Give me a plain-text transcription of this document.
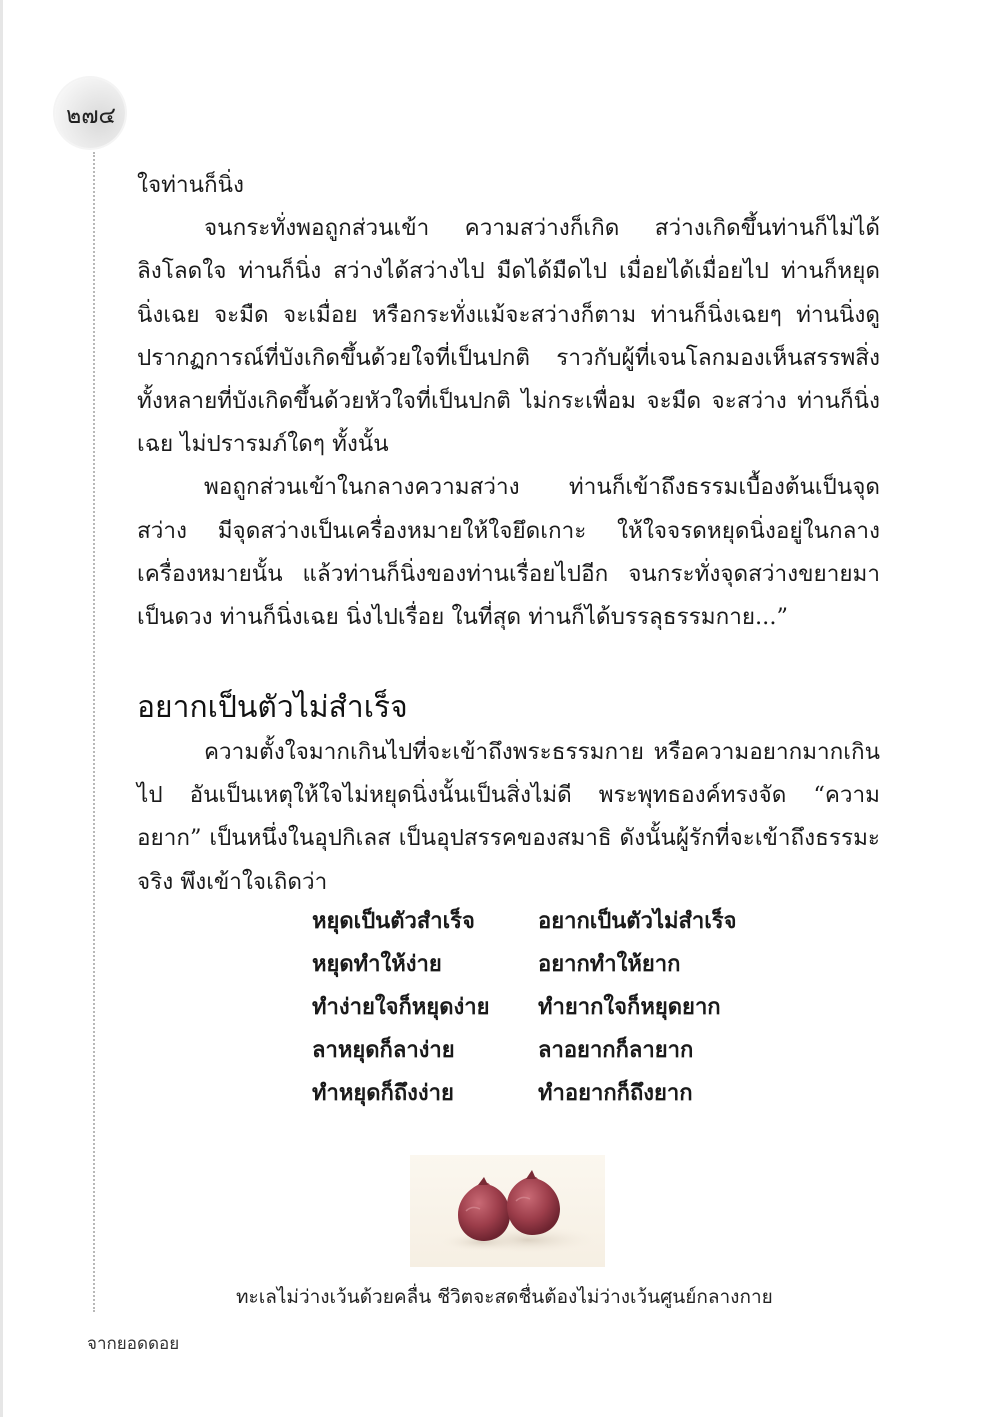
๒๗๔

ใจท่านก็นิ่ง

จนกระทั่งพอถูกส่วนเข้า ความสว่างก็เกิด สว่างเกิดขึ้นท่านก็ไม่ได้ลิงโลดใจ ท่านก็นิ่ง สว่างได้สว่างไป มืดได้มืดไป เมื่อยได้เมื่อยไป ท่านก็หยุดนิ่งเฉย จะมืด จะเมื่อย หรือกระทั่งแม้จะสว่างก็ตาม ท่านก็นิ่งเฉยๆ ท่านนิ่งดูปรากฏการณ์ที่บังเกิดขึ้นด้วยใจที่เป็นปกติ ราวกับผู้ที่เจนโลกมองเห็นสรรพสิ่งทั้งหลายที่บังเกิดขึ้นด้วยหัวใจที่เป็นปกติ ไม่กระเพื่อม จะมืด จะสว่าง ท่านก็นิ่งเฉย ไม่ปรารมภ์ใดๆ ทั้งนั้น

พอถูกส่วนเข้าในกลางความสว่าง ท่านก็เข้าถึงธรรมเบื้องต้นเป็นจุดสว่าง มีจุดสว่างเป็นเครื่องหมายให้ใจยึดเกาะ ให้ใจจรดหยุดนิ่งอยู่ในกลางเครื่องหมายนั้น แล้วท่านก็นิ่งของท่านเรื่อยไปอีก จนกระทั่งจุดสว่างขยายมาเป็นดวง ท่านก็นิ่งเฉย นิ่งไปเรื่อย ในที่สุด ท่านก็ได้บรรลุธรรมกาย...”

อยากเป็นตัวไม่สำเร็จ

ความตั้งใจมากเกินไปที่จะเข้าถึงพระธรรมกาย หรือความอยากมากเกินไป อันเป็นเหตุให้ใจไม่หยุดนิ่งนั้นเป็นสิ่งไม่ดี พระพุทธองค์ทรงจัด “ความอยาก” เป็นหนึ่งในอุปกิเลส เป็นอุปสรรคของสมาธิ ดังนั้นผู้รักที่จะเข้าถึงธรรมะจริง พึงเข้าใจเถิดว่า

หยุดเป็นตัวสำเร็จ	อยากเป็นตัวไม่สำเร็จ
หยุดทำให้ง่าย	อยากทำให้ยาก
ทำง่ายใจก็หยุดง่าย	ทำยากใจก็หยุดยาก
ลาหยุดก็ลาง่าย	ลาอยากก็ลายาก
ทำหยุดก็ถึงง่าย	ทำอยากก็ถึงยาก

ทะเลไม่ว่างเว้นด้วยคลื่น ชีวิตจะสดชื่นต้องไม่ว่างเว้นศูนย์กลางกาย

จากยอดดอย
